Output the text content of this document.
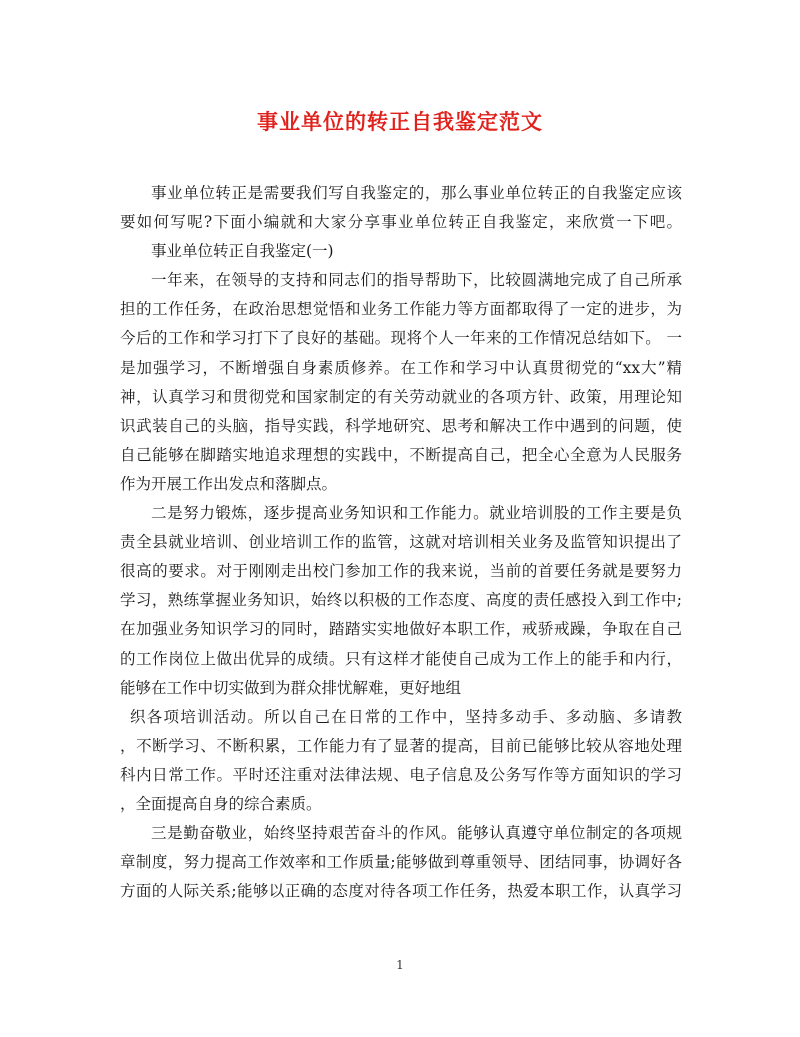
事业单位的转正自我鉴定范文
事业单位转正是需要我们写自我鉴定的，那么事业单位转正的自我鉴定应该
要如何写呢?下面小编就和大家分享事业单位转正自我鉴定，来欣赏一下吧。
事业单位转正自我鉴定(一)
一年来，在领导的支持和同志们的指导帮助下，比较圆满地完成了自己所承
担的工作任务，在政治思想觉悟和业务工作能力等方面都取得了一定的进步，为
今后的工作和学习打下了良好的基础。现将个人一年来的工作情况总结如下。 一
是加强学习，不断增强自身素质修养。在工作和学习中认真贯彻党的“xx大”精
神，认真学习和贯彻党和国家制定的有关劳动就业的各项方针、政策，用理论知
识武装自己的头脑，指导实践，科学地研究、思考和解决工作中遇到的问题，使
自己能够在脚踏实地追求理想的实践中，不断提高自己，把全心全意为人民服务
作为开展工作出发点和落脚点。
二是努力锻炼，逐步提高业务知识和工作能力。就业培训股的工作主要是负
责全县就业培训、创业培训工作的监管，这就对培训相关业务及监管知识提出了
很高的要求。对于刚刚走出校门参加工作的我来说，当前的首要任务就是要努力
学习，熟练掌握业务知识，始终以积极的工作态度、高度的责任感投入到工作中;
在加强业务知识学习的同时，踏踏实实地做好本职工作，戒骄戒躁，争取在自己
的工作岗位上做出优异的成绩。只有这样才能使自己成为工作上的能手和内行，
能够在工作中切实做到为群众排忧解难，更好地组
织各项培训活动。所以自己在日常的工作中，坚持多动手、多动脑、多请教
，不断学习、不断积累，工作能力有了显著的提高，目前已能够比较从容地处理
科内日常工作。平时还注重对法律法规、电子信息及公务写作等方面知识的学习
，全面提高自身的综合素质。
三是勤奋敬业，始终坚持艰苦奋斗的作风。能够认真遵守单位制定的各项规
章制度，努力提高工作效率和工作质量;能够做到尊重领导、团结同事，协调好各
方面的人际关系;能够以正确的态度对待各项工作任务，热爱本职工作，认真学习
1
